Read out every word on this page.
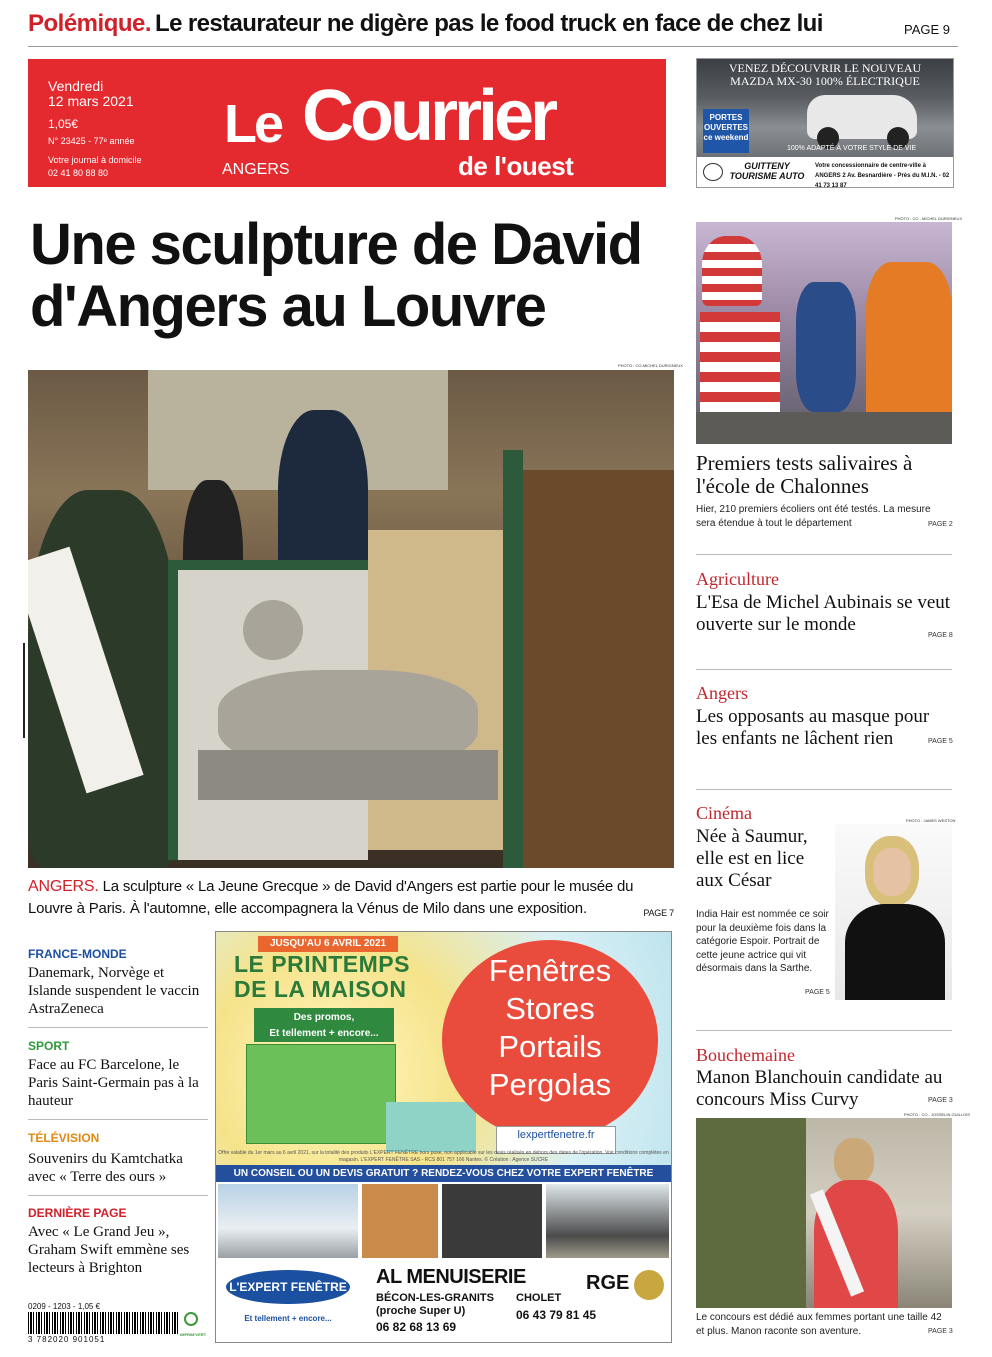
Polémique. Le restaurateur ne digère pas le food truck en face de chez lui	PAGE 9
Vendredi
12 mars 2021
1,05€
N° 23425 - 77ᵉ année
Votre journal à domicile
02 41 80 88 80
Le Courrier
de l'ouest
ANGERS
VENEZ DÉCOUVRIR LE NOUVEAU
MAZDA MX-30 100% ÉLECTRIQUE
PORTES OUVERTES ce weekend
100% ADAPTÉ À VOTRE STYLE DE VIE
GUITTENY TOURISME AUTO
Votre concessionnaire de centre-ville à ANGERS 2 Av. Besnardière - Près du M.I.N. - 02 41 73 13 87
Une sculpture de David
d'Angers au Louvre
PHOTO : CO-MICHEL DURIGNEUX
ANGERS. La sculpture « La Jeune Grecque » de David d'Angers est partie pour le musée du Louvre à Paris. À l'automne, elle accompagnera la Vénus de Milo dans une exposition.	PAGE 7
PHOTO : CO - MICHEL DURIGNEUX
Premiers tests salivaires à l'école de Chalonnes
Hier, 210 premiers écoliers ont été testés. La mesure sera étendue à tout le département	PAGE 2
Agriculture
L'Esa de Michel Aubinais se veut ouverte sur le monde
PAGE 8
Angers
Les opposants au masque pour les enfants ne lâchent rien	PAGE 5
Cinéma
Née à Saumur, elle est en lice aux César
PHOTO : JAMES WESTON
India Hair est nommée ce soir pour la deuxième fois dans la catégorie Espoir. Portrait de cette jeune actrice qui vit désormais dans la Sarthe.
PAGE 5
Bouchemaine
Manon Blanchouin candidate au concours Miss Curvy	PAGE 3
PHOTO : CO - JOSSELIN GUILLOIS
Le concours est dédié aux femmes portant une taille 42 et plus. Manon raconte son aventure.	PAGE 3
FRANCE-MONDE
Danemark, Norvège et Islande suspendent le vaccin AstraZeneca
SPORT
Face au FC Barcelone, le Paris Saint-Germain pas à la hauteur
TÉLÉVISION
Souvenirs du Kamtchatka avec « Terre des ours »
DERNIÈRE PAGE
Avec « Le Grand Jeu », Graham Swift emmène ses lecteurs à Brighton
JUSQU'AU 6 AVRIL 2021
LE PRINTEMPS
DE LA MAISON
Des promos,
Et tellement + encore...
Fenêtres
Stores
Portails
Pergolas
lexpertfenetre.fr
Offre valable du 1er mars au 6 avril 2021, sur la totalité des produits L'EXPERT FENÊTRE hors pose, non applicable sur les devis réalisés en dehors des dates de l'opération. Voir conditions complètes en magasin. L'EXPERT FENÊTRE SAS - RCS 801 757 166 Nantes. © Création : Agence SUCRE
UN CONSEIL OU UN DEVIS GRATUIT ? RENDEZ-VOUS CHEZ VOTRE EXPERT FENÊTRE
L'EXPERT FENÊTRE
Et tellement + encore...
AL MENUISERIE
BÉCON-LES-GRANITS
(proche Super U)
06 82 68 13 69
CHOLET
06 43 79 81 45
RGE
0209 - 1203 - 1,05 €
3 782020 901051
IMPRIM'VERT
